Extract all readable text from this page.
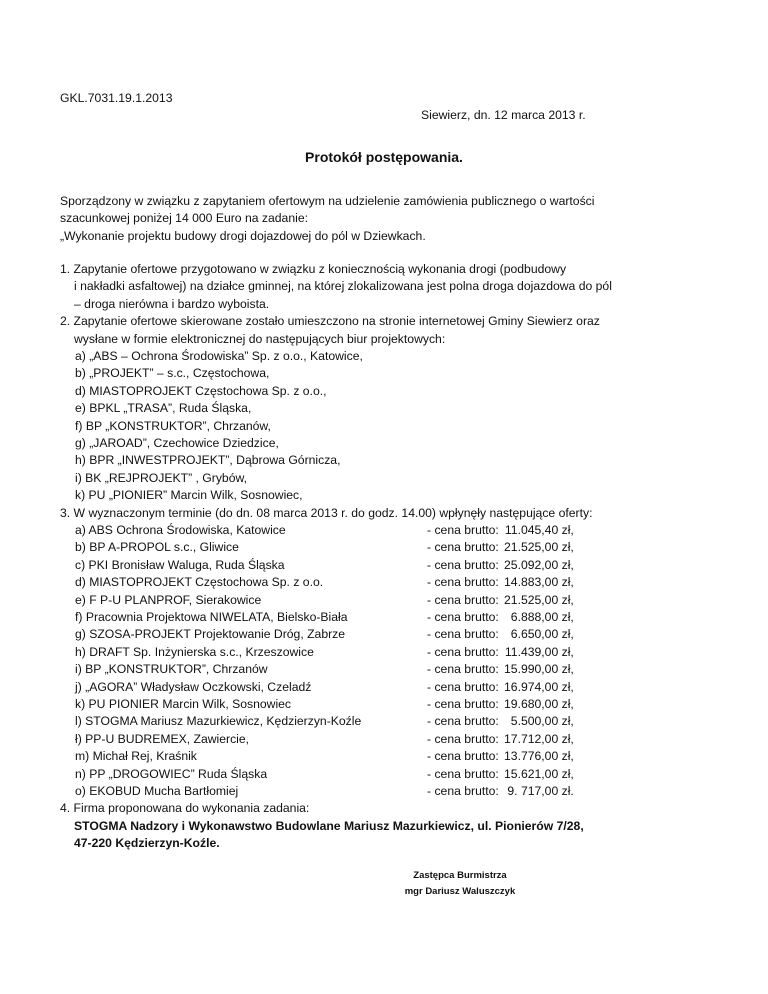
GKL.7031.19.1.2013
Siewierz, dn. 12 marca 2013 r.
Protokół postępowania.
Sporządzony w związku z zapytaniem ofertowym na udzielenie zamówienia publicznego o wartości
szacunkowej poniżej 14 000 Euro na zadanie:
„Wykonanie projektu budowy drogi dojazdowej do pól w Dziewkach.
1. Zapytanie ofertowe przygotowano w związku z koniecznością wykonania drogi (podbudowy
i nakładki asfaltowej) na działce gminnej, na której zlokalizowana jest polna droga dojazdowa do pól
– droga nierówna i bardzo wyboista.
2. Zapytanie ofertowe skierowane zostało umieszczono na stronie internetowej Gminy Siewierz oraz
wysłane w formie elektronicznej do następujących biur projektowych:
a) „ABS – Ochrona Środowiska” Sp. z o.o., Katowice,
b) „PROJEKT” – s.c., Częstochowa,
d) MIASTOPROJEKT Częstochowa Sp. z o.o.,
e) BPKL „TRASA”, Ruda Śląska,
f) BP „KONSTRUKTOR”, Chrzanów,
g) „JAROAD”, Czechowice Dziedzice,
h) BPR „INWESTPROJEKT”, Dąbrowa Górnicza,
i) BK „REJPROJEKT” , Grybów,
k) PU „PIONIER” Marcin Wilk, Sosnowiec,
3. W wyznaczonym terminie (do dn. 08 marca 2013 r. do godz. 14.00) wpłynęły następujące oferty:
a) ABS Ochrona Środowiska, Katowice	- cena brutto: 11.045,40 zł,
b) BP A-PROPOL s.c., Gliwice	- cena brutto: 21.525,00 zł,
c) PKI Bronisław Waluga, Ruda Śląska	- cena brutto: 25.092,00 zł,
d) MIASTOPROJEKT Częstochowa Sp. z o.o.	- cena brutto: 14.883,00 zł,
e) F P-U PLANPROF, Sierakowice	- cena brutto: 21.525,00 zł,
f) Pracownia Projektowa NIWELATA, Bielsko-Biała	- cena brutto: 6.888,00 zł,
g) SZOSA-PROJEKT Projektowanie Dróg, Zabrze	- cena brutto: 6.650,00 zł,
h) DRAFT Sp. Inżynierska s.c., Krzeszowice	- cena brutto: 11.439,00 zł,
i) BP „KONSTRUKTOR”, Chrzanów	- cena brutto: 15.990,00 zł,
j) „AGORA” Władysław Oczkowski, Czeladź	- cena brutto: 16.974,00 zł,
k) PU PIONIER Marcin Wilk, Sosnowiec	- cena brutto: 19.680,00 zł,
l) STOGMA Mariusz Mazurkiewicz, Kędzierzyn-Koźle	- cena brutto: 5.500,00 zł,
ł) PP-U BUDREMEX, Zawiercie,	- cena brutto: 17.712,00 zł,
m) Michał Rej, Kraśnik	- cena brutto: 13.776,00 zł,
n) PP „DROGOWIEC” Ruda Śląska	- cena brutto: 15.621,00 zł,
o) EKOBUD Mucha Bartłomiej	- cena brutto: 9. 717,00 zł.
4. Firma proponowana do wykonania zadania:
STOGMA Nadzory i Wykonawstwo Budowlane Mariusz Mazurkiewicz, ul. Pionierów 7/28,
47-220 Kędzierzyn-Koźle.
Zastępca Burmistrza
mgr Dariusz Waluszczyk
